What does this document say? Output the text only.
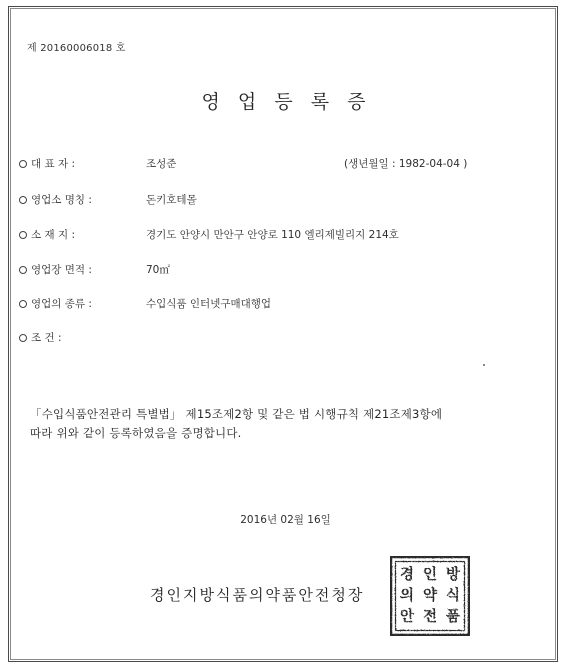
제 20160006018 호
영 업 등 록 증
대 표 자 :	조성준	(생년월일 : 1982-04-04 )
영업소 명칭 :	돈키호테몰
소 재 지 :	경기도 안양시 만안구 안양로 110 엘리제빌리지 214호
영업장 면적 :	70㎡
영업의 종류 :	수입식품 인터넷구매대행업
조 건 :
「수입식품안전관리 특별법」 제15조제2항 및 같은 법 시행규칙 제21조제3항에
따라 위와 같이 등록하였음을 증명합니다.
2016년 02월 16일
경인지방식품의약품안전청장
방
식
품
인
약
전
경
의
안
